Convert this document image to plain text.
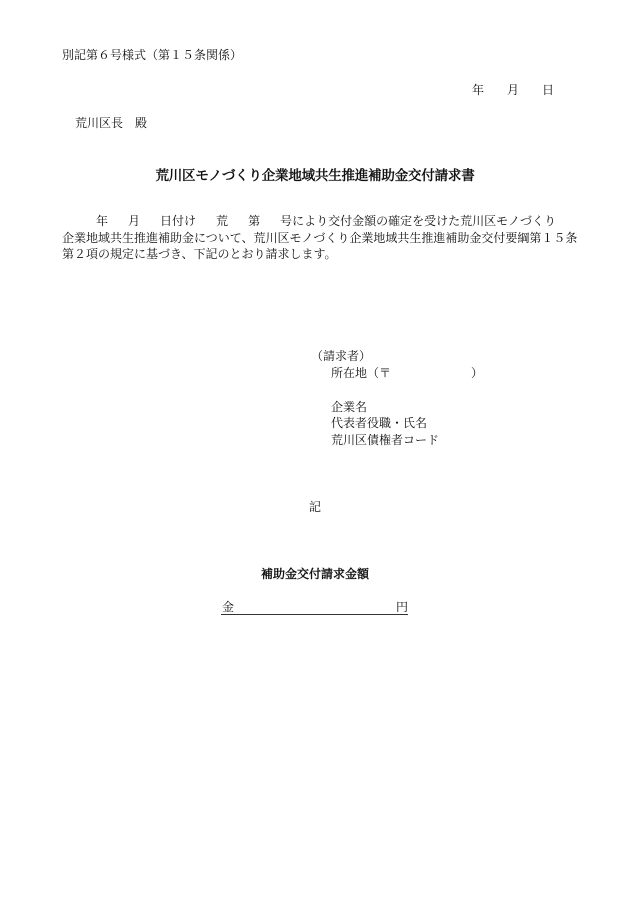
別記第６号様式（第１５条関係）
年 月 日
荒川区長　殿
荒川区モノづくり企業地域共生推進補助金交付請求書

年 月 日付け 荒 第 号により交付金額の確定を受けた荒川区モノづくり

企業地域共生推進補助金について、荒川区モノづくり企業地域共生推進補助金交付要綱第１５条

第２項の規定に基づき、下記のとおり請求します。

（請求者）
所在地（〒	）
企業名
代表者役職・氏名
荒川区債権者コード
記
補助金交付請求金額
金	円
